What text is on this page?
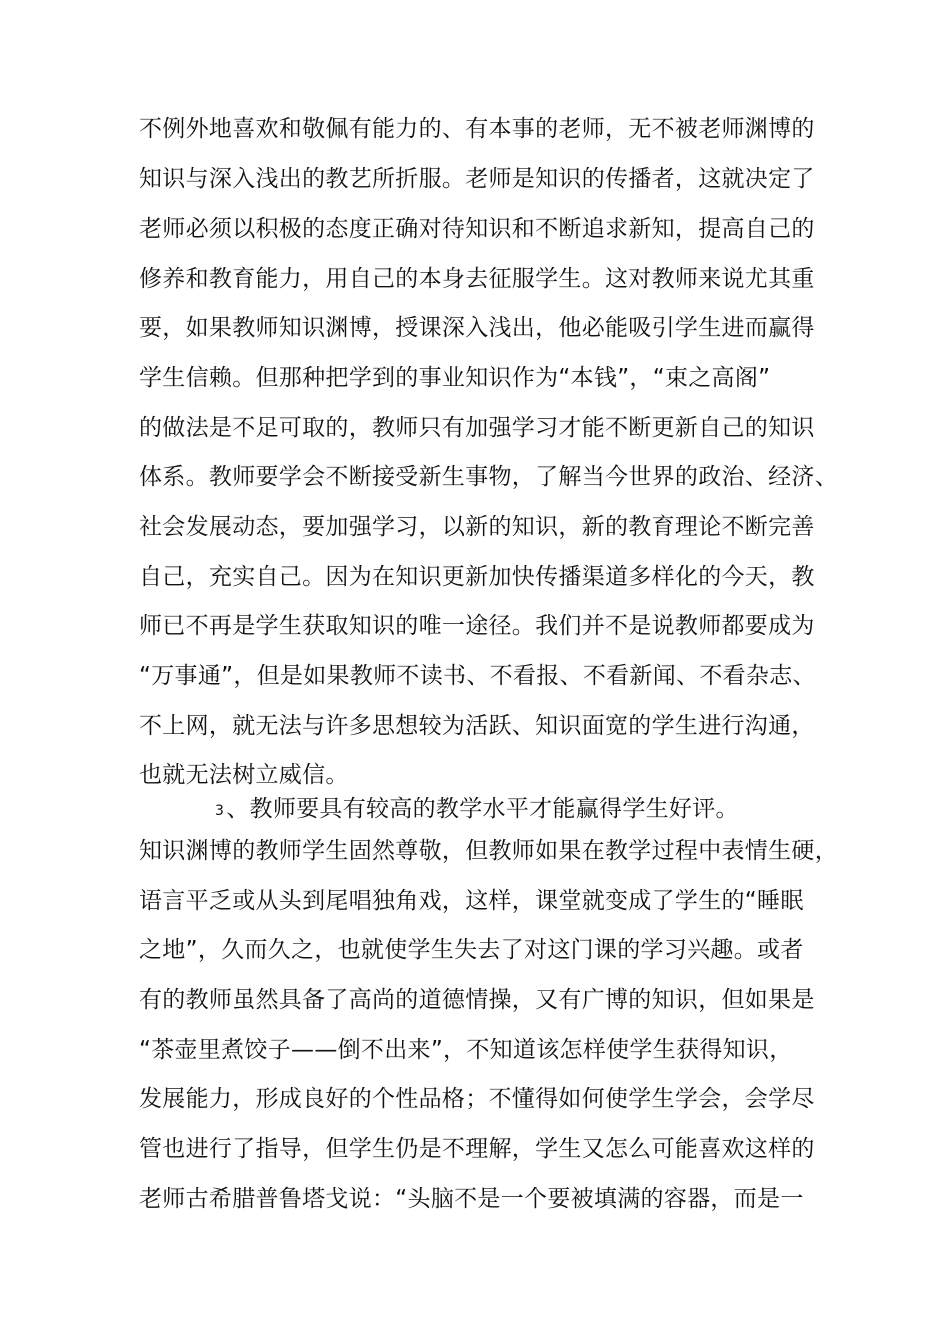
不例外地喜欢和敬佩有能力的、有本事的老师，无不被老师渊博的
知识与深入浅出的教艺所折服。老师是知识的传播者，这就决定了
老师必须以积极的态度正确对待知识和不断追求新知，提高自己的
修养和教育能力，用自己的本身去征服学生。这对教师来说尤其重
要，如果教师知识渊博，授课深入浅出，他必能吸引学生进而赢得
学生信赖。但那种把学到的事业知识作为“本钱”，“束之高阁”
的做法是不足可取的，教师只有加强学习才能不断更新自己的知识
体系。教师要学会不断接受新生事物，了解当今世界的政治、经济、
社会发展动态，要加强学习，以新的知识，新的教育理论不断完善
自己，充实自己。因为在知识更新加快传播渠道多样化的今天，教
师已不再是学生获取知识的唯一途径。我们并不是说教师都要成为
“万事通”，但是如果教师不读书、不看报、不看新闻、不看杂志、
不上网，就无法与许多思想较为活跃、知识面宽的学生进行沟通，
也就无法树立威信。
3、教师要具有较高的教学水平才能赢得学生好评。
知识渊博的教师学生固然尊敬，但教师如果在教学过程中表情生硬，
语言平乏或从头到尾唱独角戏，这样，课堂就变成了学生的“睡眠
之地”，久而久之，也就使学生失去了对这门课的学习兴趣。或者
有的教师虽然具备了高尚的道德情操，又有广博的知识，但如果是
“茶壶里煮饺子——倒不出来”，不知道该怎样使学生获得知识，
发展能力，形成良好的个性品格；不懂得如何使学生学会，会学尽
管也进行了指导，但学生仍是不理解，学生又怎么可能喜欢这样的
老师古希腊普鲁塔戈说：“头脑不是一个要被填满的容器，而是一
